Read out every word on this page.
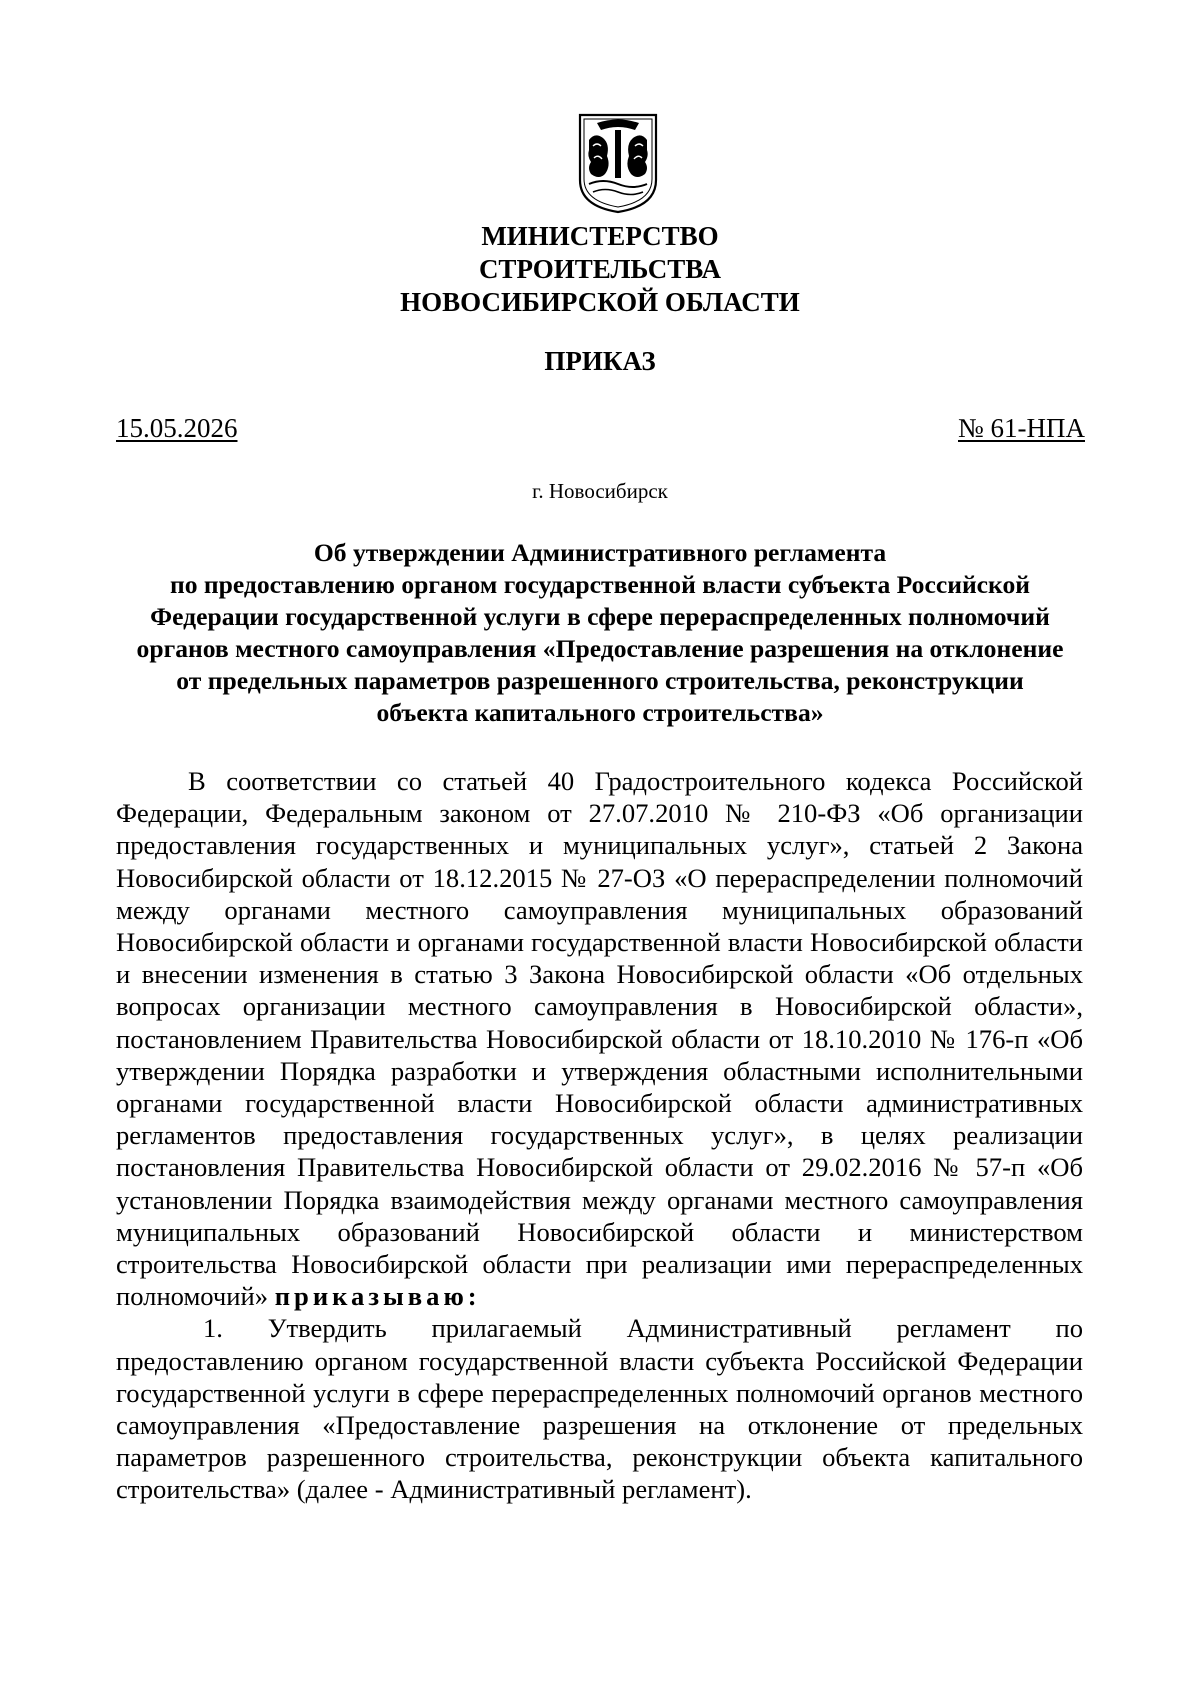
МИНИСТЕРСТВО
СТРОИТЕЛЬСТВА
НОВОСИБИРСКОЙ ОБЛАСТИ
ПРИКАЗ
15.05.2026	№ 61-НПА
г. Новосибирск
Об утверждении Административного регламента
по предоставлению органом государственной власти субъекта Российской
Федерации государственной услуги в сфере перераспределенных полномочий
органов местного самоуправления «Предоставление разрешения на отклонение
от предельных параметров разрешенного строительства, реконструкции
объекта капитального строительства»

В соответствии со статьей 40 Градостроительного кодекса Российской Федерации, Федеральным законом от 27.07.2010 № 210-ФЗ «Об организации предоставления государственных и муниципальных услуг», статьей 2 Закона Новосибирской области от 18.12.2015 № 27-ОЗ «О перераспределении полномочий между органами местного самоуправления муниципальных образований Новосибирской области и органами государственной власти Новосибирской области и внесении изменения в статью 3 Закона Новосибирской области «Об отдельных вопросах организации местного самоуправления в Новосибирской области», постановлением Правительства Новосибирской области от 18.10.2010 № 176-п «Об утверждении Порядка разработки и утверждения областными исполнительными органами государственной власти Новосибирской области административных регламентов предоставления государственных услуг», в целях реализации постановления Правительства Новосибирской области от 29.02.2016 № 57-п «Об установлении Порядка взаимодействия между органами местного самоуправления муниципальных образований Новосибирской области и министерством строительства Новосибирской области при реализации ими перераспределенных полномочий» приказываю:

1. Утвердить прилагаемый Административный регламент по предоставлению органом государственной власти субъекта Российской Федерации государственной услуги в сфере перераспределенных полномочий органов местного самоуправления «Предоставление разрешения на отклонение от предельных параметров разрешенного строительства, реконструкции объекта капитального строительства» (далее - Административный регламент).
